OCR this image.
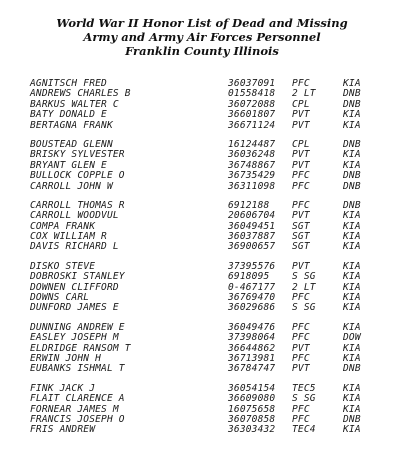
World War II Honor List of Dead and Missing
Army and Army Air Forces Personnel
Franklin County Illinois
AGNITSCH FRED	36037091 PFC	KIA
ANDREWS CHARLES B	01558418 2 LT	DNB
BARKUS WALTER C	36072088 CPL	DNB
BATY DONALD E	36601807 PVT	KIA
BERTAGNA FRANK	36671124 PVT	KIA
BOUSTEAD GLENN	16124487 CPL	DNB
BRISKY SYLVESTER	36036248 PVT	KIA
BRYANT GLEN E	36748867 PVT	KIA
BULLOCK COPPLE O	36735429 PFC	DNB
CARROLL JOHN W	36311098 PFC	DNB
CARROLL THOMAS R	6912188 PFC	DNB
CARROLL WOODVUL	20606704 PVT	KIA
COMPA FRANK	36049451 SGT	KIA
COX WILLIAM R	36037887 SGT	KIA
DAVIS RICHARD L	36900657 SGT	KIA
DISKO STEVE	37395576 PVT	KIA
DOBROSKI STANLEY	6918095 S SG	KIA
DOWNEN CLIFFORD	0-467177 2 LT	KIA
DOWNS CARL	36769470 PFC	KIA
DUNFORD JAMES E	36029686 S SG	KIA
DUNNING ANDREW E	36049476 PFC	KIA
EASLEY JOSEPH M	37398064 PFC	DOW
ELDRIDGE RANSOM T	36644862 PVT	KIA
ERWIN JOHN H	36713981 PFC	KIA
EUBANKS ISHMAL T	36784747 PVT	DNB
FINK JACK J	36054154 TEC5	KIA
FLAIT CLARENCE A	36609080 S SG	KIA
FORNEAR JAMES M	16075658 PFC	KIA
FRANCIS JOSEPH O	36070858 PFC	DNB
FRIS ANDREW	36303432 TEC4	KIA
